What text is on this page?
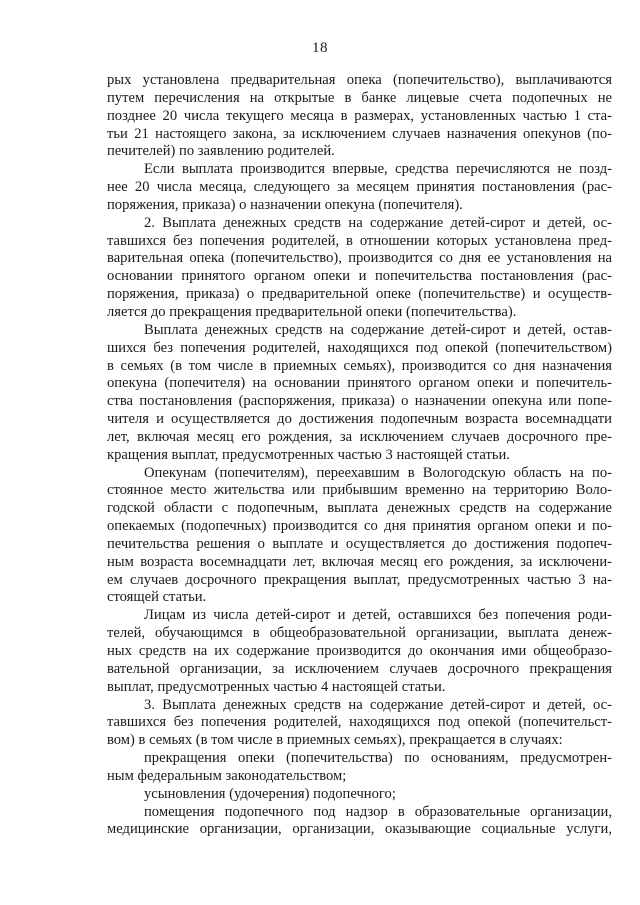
18
рых установлена предварительная опека (попечительство), выплачиваются
путем перечисления на открытые в банке лицевые счета подопечных не
позднее 20 числа текущего месяца в размерах, установленных частью 1 ста-
тьи 21 настоящего закона, за исключением случаев назначения опекунов (по-
печителей) по заявлению родителей.
Если выплата производится впервые, средства перечисляются не позд-
нее 20 числа месяца, следующего за месяцем принятия постановления (рас-
поряжения, приказа) о назначении опекуна (попечителя).
2. Выплата денежных средств на содержание детей-сирот и детей, ос-
тавшихся без попечения родителей, в отношении которых установлена пред-
варительная опека (попечительство), производится со дня ее установления на
основании принятого органом опеки и попечительства постановления (рас-
поряжения, приказа) о предварительной опеке (попечительстве) и осуществ-
ляется до прекращения предварительной опеки (попечительства).
Выплата денежных средств на содержание детей-сирот и детей, остав-
шихся без попечения родителей, находящихся под опекой (попечительством)
в семьях (в том числе в приемных семьях), производится со дня назначения
опекуна (попечителя) на основании принятого органом опеки и попечитель-
ства постановления (распоряжения, приказа) о назначении опекуна или попе-
чителя и осуществляется до достижения подопечным возраста восемнадцати
лет, включая месяц его рождения, за исключением случаев досрочного пре-
кращения выплат, предусмотренных частью 3 настоящей статьи.
Опекунам (попечителям), переехавшим в Вологодскую область на по-
стоянное место жительства или прибывшим временно на территорию Воло-
годской области с подопечным, выплата денежных средств на содержание
опекаемых (подопечных) производится со дня принятия органом опеки и по-
печительства решения о выплате и осуществляется до достижения подопеч-
ным возраста восемнадцати лет, включая месяц его рождения, за исключени-
ем случаев досрочного прекращения выплат, предусмотренных частью 3 на-
стоящей статьи.
Лицам из числа детей-сирот и детей, оставшихся без попечения роди-
телей, обучающимся в общеобразовательной организации, выплата денеж-
ных средств на их содержание производится до окончания ими общеобразо-
вательной организации, за исключением случаев досрочного прекращения
выплат, предусмотренных частью 4 настоящей статьи.
3. Выплата денежных средств на содержание детей-сирот и детей, ос-
тавшихся без попечения родителей, находящихся под опекой (попечительст-
вом) в семьях (в том числе в приемных семьях), прекращается в случаях:
прекращения опеки (попечительства) по основаниям, предусмотрен-
ным федеральным законодательством;
усыновления (удочерения) подопечного;
помещения подопечного под надзор в образовательные организации,
медицинские организации, организации, оказывающие социальные услуги,
